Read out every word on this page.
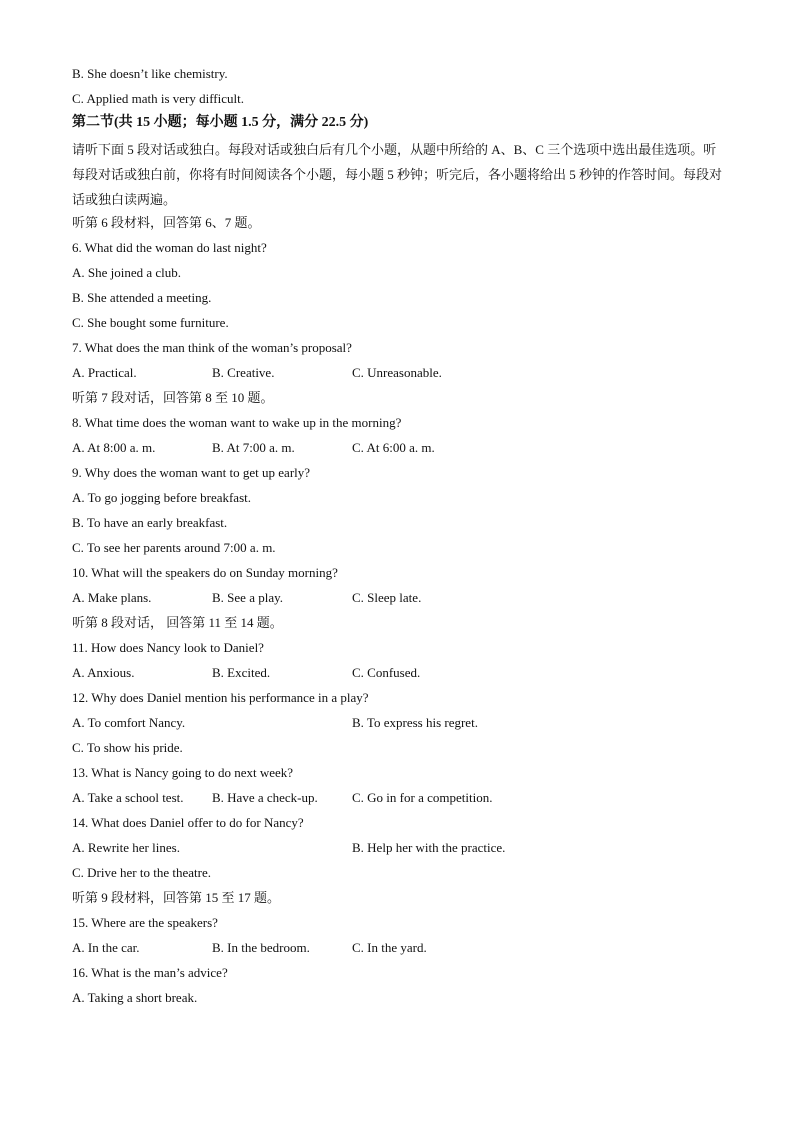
B. She doesn’t like chemistry.
C. Applied math is very difficult.
第二节(共 15 小题；每小题 1.5 分，满分 22.5 分)
请听下面 5 段对话或独白。每段对话或独白后有几个小题，从题中所给的 A、B、C 三个选项中选出最佳选项。听每段对话或独白前，你将有时间阅读各个小题，每小题 5 秒钟；听完后，各小题将给出 5 秒钟的作答时间。每段对话或独白读两遍。
听第 6 段材料，回答第 6、7 题。
6. What did the woman do last night?
A. She joined a club.
B. She attended a meeting.
C. She bought some furniture.
7. What does the man think of the woman’s proposal?
A. Practical.	B. Creative.	C. Unreasonable.
听第 7 段对话，回答第 8 至 10 题。
8. What time does the woman want to wake up in the morning?
A. At 8:00 a. m.	B. At 7:00 a. m.	C. At 6:00 a. m.
9. Why does the woman want to get up early?
A. To go jogging before breakfast.
B. To have an early breakfast.
C. To see her parents around 7:00 a. m.
10. What will the speakers do on Sunday morning?
A. Make plans.	B. See a play.	C. Sleep late.
听第 8 段对话， 回答第 11 至 14 题。
11. How does Nancy look to Daniel?
A. Anxious.	B. Excited.	C. Confused.
12. Why does Daniel mention his performance in a play?
A. To comfort Nancy.	B. To express his regret.
C. To show his pride.
13. What is Nancy going to do next week?
A. Take a school test. B. Have a check-up.	C. Go in for a competition.
14. What does Daniel offer to do for Nancy?
A. Rewrite her lines.	B. Help her with the practice.
C. Drive her to the theatre.
听第 9 段材料，回答第 15 至 17 题。
15. Where are the speakers?
A. In the car.	B. In the bedroom.	C. In the yard.
16. What is the man’s advice?
A. Taking a short break.
